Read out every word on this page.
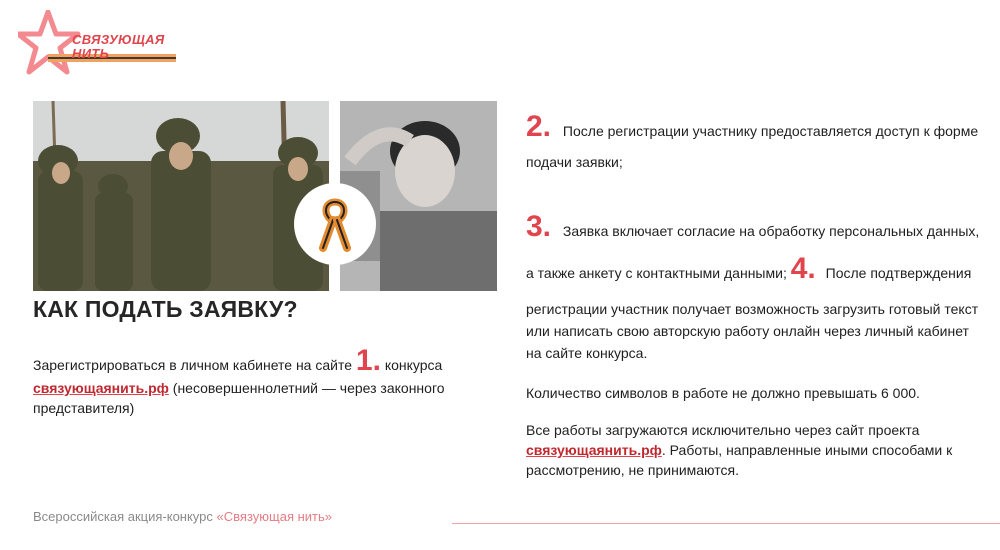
СВЯЗУЮЩАЯ
НИТЬ
КАК ПОДАТЬ ЗАЯВКУ?
Зарегистрироваться в личном кабинете на сайте 1. конкурса
связующаянить.рф (несовершеннолетний — через законного
представителя)
2. После регистрации участнику предоставляется доступ к форме
подачи заявки;
3. Заявка включает согласие на обработку персональных данных,
а также анкету с контактными данными; 4. После подтверждения
регистрации участник получает возможность загрузить готовый текст
или написать свою авторскую работу онлайн через личный кабинет
на сайте конкурса.
Количество символов в работе не должно превышать 6 000.
Все работы загружаются исключительно через сайт проекта
связующаянить.рф. Работы, направленные иными способами к
рассмотрению, не принимаются.
Всероссийская акция-конкурс «Связующая нить»
